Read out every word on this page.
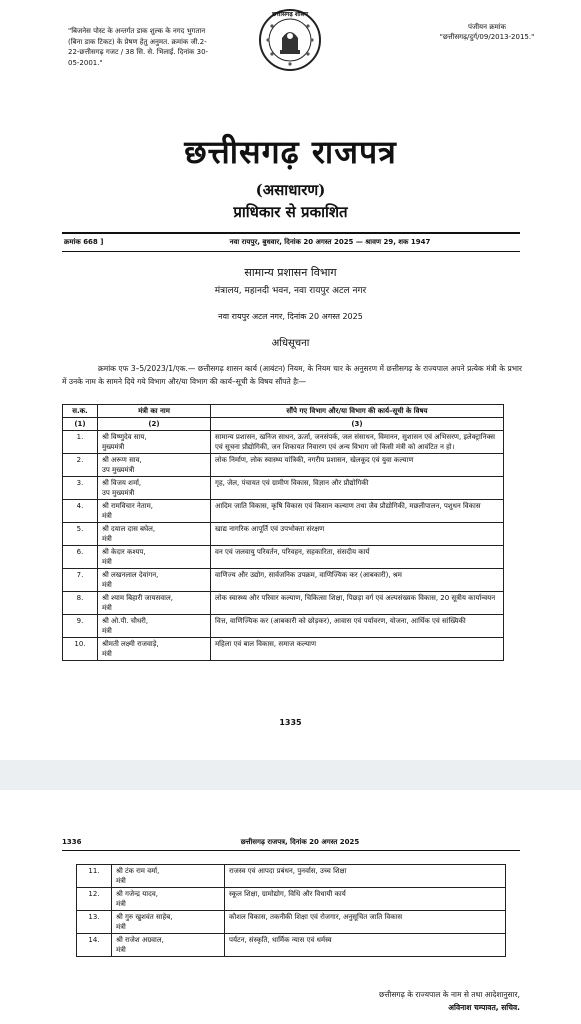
"बिजनेस पोस्ट के अन्तर्गत डाक शुल्क के नगद भुगतान (बिना डाक टिकट) के प्रेषण हेतु अनुमत. क्रमांक जी.2-22-छत्तीसगढ़ गजट / 38 सि. से. भिलाई. दिनांक 30-05-2001."
छत्तीसगढ़ शासन
पंजीयन क्रमांक
"छत्तीसगढ़/दुर्ग/09/2013-2015."
छत्तीसगढ़ राजपत्र
(असाधारण)
प्राधिकार से प्रकाशित
क्रमांक 668 ]	नवा रायपुर, बुधवार, दिनांक 20 अगस्त 2025 — श्रावण 29, शक 1947
सामान्य प्रशासन विभाग
मंत्रालय, महानदी भवन, नवा रायपुर अटल नगर
नवा रायपुर अटल नगर, दिनांक 20 अगस्त 2025
अधिसूचना
क्रमांक एफ 3–5/2023/1/एक.— छत्तीसगढ़ शासन कार्य (आबंटन) नियम, के नियम चार के अनुसरण में छत्तीसगढ़ के राज्यपाल अपने प्रत्येक मंत्री के प्रभार में उनके नाम के सामने दिये गये विभाग और/या विभाग की कार्य–सूची के विषय सौंपते हैः—
स.क.	मंत्री का नाम	सौंपे गए विभाग और/या विभाग की कार्य–सूची के विषय
(1)	(2)	(3)
1.	श्री विष्णुदेव साय,
मुख्यमंत्री	सामान्य प्रशासन, खनिज साधन, ऊर्जा, जनसंपर्क, जल संसाधन, विमानन, सुशासन एवं अभिसरण, इलेक्ट्रानिक्स एवं सूचना प्रौद्योगिकी, जन शिकायत निवारण एवं अन्य विभाग जो किसी मंत्री को आवंटित न हो।
2.	श्री अरूण साव,
उप मुख्यमंत्री	लोक निर्माण, लोक स्वास्थ्य यांत्रिकी, नगरीय प्रशासन, खेलकूद एवं युवा कल्याण
3.	श्री विजय शर्मा,
उप मुख्यमंत्री	गृह, जेल, पंचायत एवं ग्रामीण विकास, विज्ञान और प्रौद्योगिकी
4.	श्री रामविचार नेताम,
मंत्री	आदिम जाति विकास, कृषि विकास एवं किसान कल्याण तथा जैव प्रौद्योगिकी, मछलीपालन, पशुधन विकास
5.	श्री दयाल दास बघेल,
मंत्री	खाद्य नागरिक आपूर्ति एवं उपभोक्ता संरक्षण
6.	श्री केदार कश्यप,
मंत्री	वन एवं जलवायु परिवर्तन, परिवहन, सहकारिता, संसदीय कार्य
7.	श्री लखनलाल देवांगन,
मंत्री	वाणिज्य और उद्योग, सार्वजनिक उपक्रम, वाणिज्यिक कर (आबकारी), श्रम
8.	श्री श्याम बिहारी जायसवाल,
मंत्री	लोक स्वास्थ्य और परिवार कल्याण, चिकित्सा शिक्षा, पिछड़ा वर्ग एवं अल्पसंख्यक विकास, 20 सूत्रीय कार्यान्वयन
9.	श्री ओ.पी. चौधरी,
मंत्री	वित्त, वाणिज्यिक कर (आबकारी को छोड़कर), आवास एवं पर्यावरण, योजना, आर्थिक एवं सांख्यिकी
10.	श्रीमती लक्ष्मी राजवाड़े,
मंत्री	महिला एवं बाल विकास, समाज कल्याण
1335
1336	छत्तीसगढ़ राजपत्र, दिनांक 20 अगस्त 2025
11.	श्री टंक राम वर्मा,
मंत्री	राजस्व एवं आपदा प्रबंधन, पुनर्वास, उच्च शिक्षा
12.	श्री गजेन्द्र यादव,
मंत्री	स्कूल शिक्षा, ग्रामोद्योग, विधि और विधायी कार्य
13.	श्री गुरु खुशवंत साहेब,
मंत्री	कौशल विकास, तकनीकी शिक्षा एवं रोजगार, अनुसूचित जाति विकास
14.	श्री राजेश अग्रवाल,
मंत्री	पर्यटन, संस्कृति, धार्मिक न्यास एवं धर्मस्व
छत्तीसगढ़ के राज्यपाल के नाम से तथा आदेशानुसार,
अविनाश चम्पावत, सचिव.
